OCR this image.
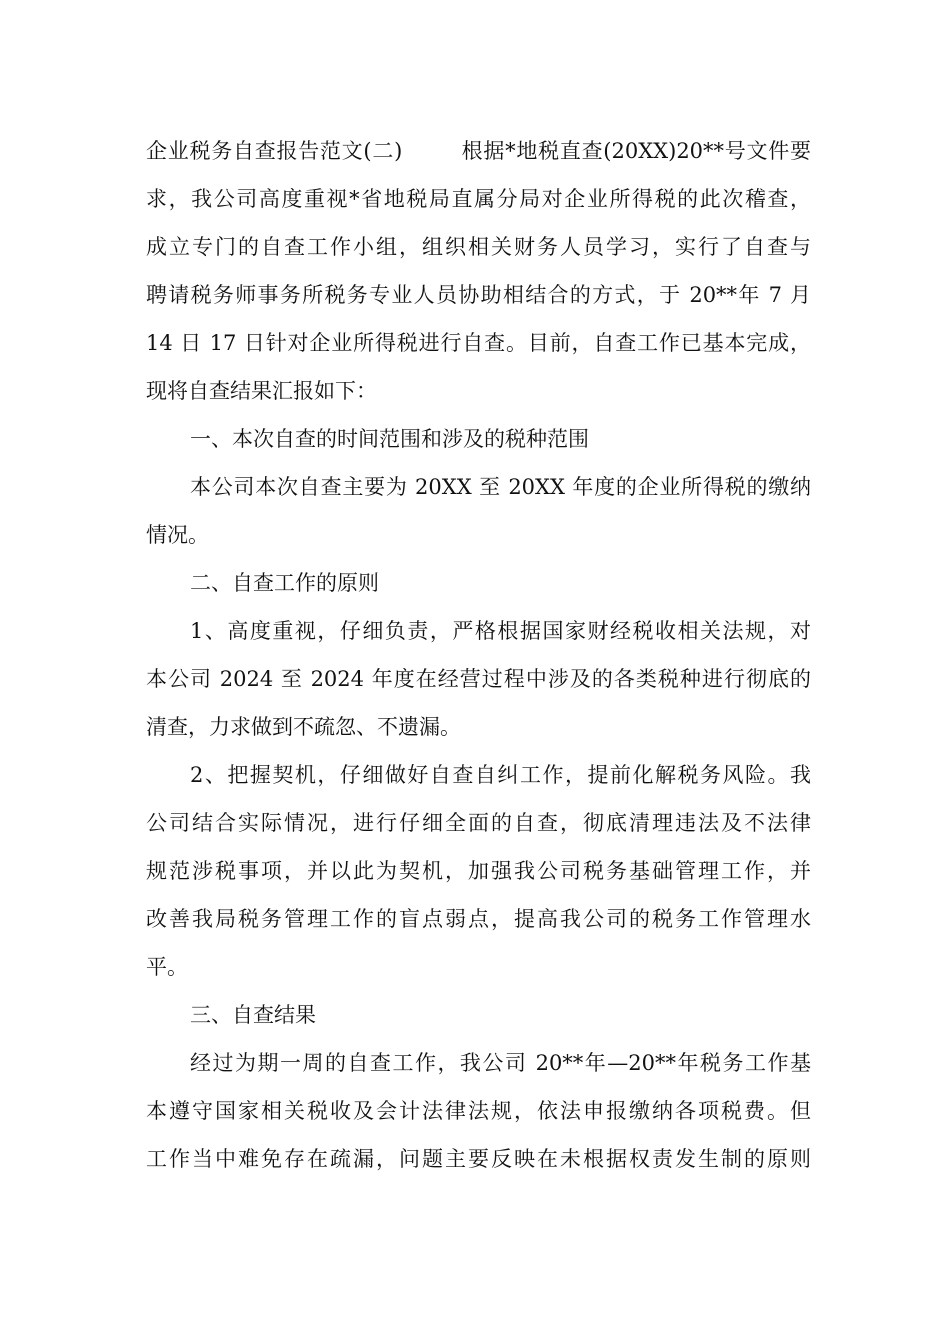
企业税务自查报告范文(二)        根据*地税直查(20XX)20**号文件要
求，我公司高度重视*省地税局直属分局对企业所得税的此次稽查，
成立专门的自查工作小组，组织相关财务人员学习，实行了自查与
聘请税务师事务所税务专业人员协助相结合的方式，于 20**年 7 月
14 日 17 日针对企业所得税进行自查。目前，自查工作已基本完成，
现将自查结果汇报如下：
一、本次自查的时间范围和涉及的税种范围
本公司本次自查主要为 20XX 至 20XX 年度的企业所得税的缴纳
情况。
二、自查工作的原则
1、高度重视，仔细负责，严格根据国家财经税收相关法规，对
本公司 2024 至 2024 年度在经营过程中涉及的各类税种进行彻底的
清查，力求做到不疏忽、不遗漏。
2、把握契机，仔细做好自查自纠工作，提前化解税务风险。我
公司结合实际情况，进行仔细全面的自查，彻底清理违法及不法律
规范涉税事项，并以此为契机，加强我公司税务基础管理工作，并
改善我局税务管理工作的盲点弱点，提高我公司的税务工作管理水
平。
三、自查结果
经过为期一周的自查工作，我公司 20**年—20**年税务工作基
本遵守国家相关税收及会计法律法规，依法申报缴纳各项税费。但
工作当中难免存在疏漏，问题主要反映在未根据权责发生制的原则
